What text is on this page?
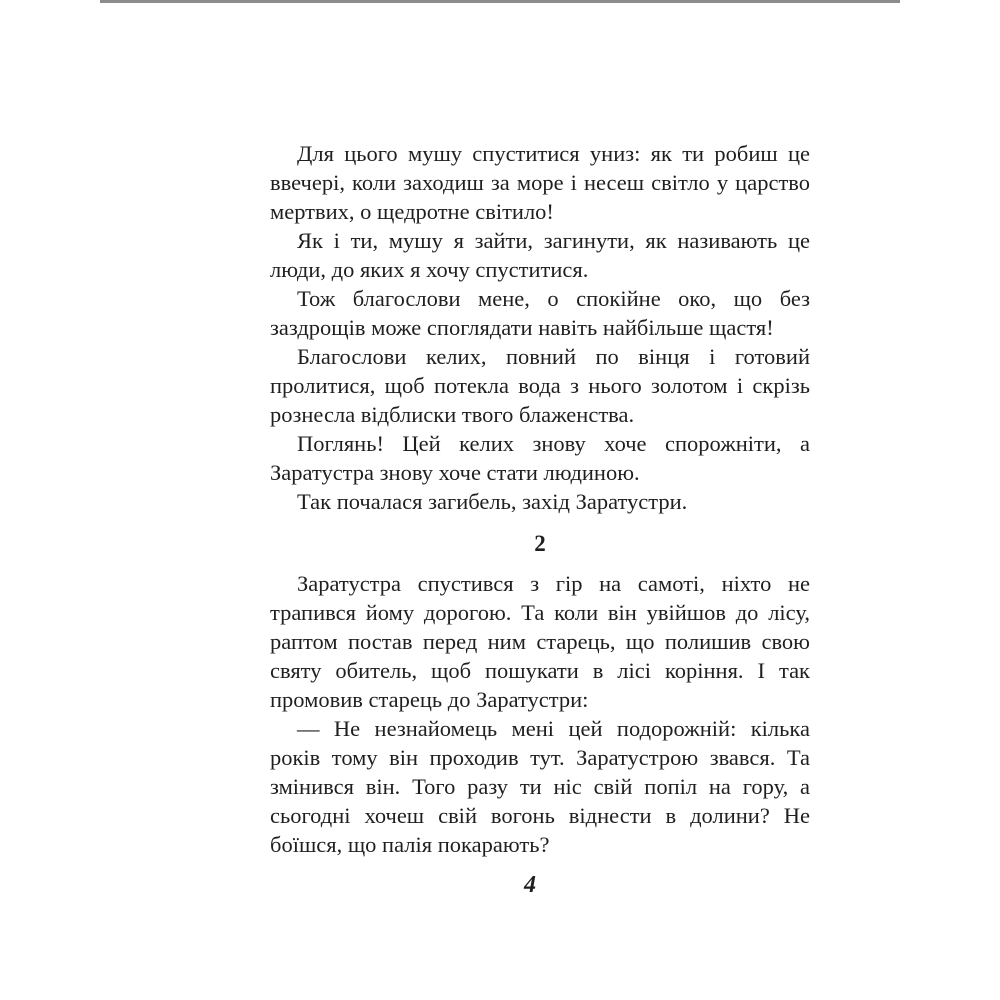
Для цього мушу спуститися униз: як ти робиш це ввечері, коли заходиш за море і несеш світло у царство мертвих, о щедротне світило!

Як і ти, мушу я зайти, загинути, як називають це люди, до яких я хочу спуститися.

Тож благослови мене, о спокійне око, що без заздрощів може споглядати навіть найбільше щастя!

Благослови келих, повний по вінця і готовий пролитися, щоб потекла вода з нього золотом і скрізь рознесла відблиски твого блаженства.

Поглянь! Цей келих знову хоче спорожніти, а Заратустра знову хоче стати людиною.

Так почалася загибель, захід Заратустри.

2

Заратустра спустився з гір на самоті, ніхто не трапився йому дорогою. Та коли він увійшов до лісу, раптом постав перед ним старець, що полишив свою святу обитель, щоб пошукати в лісі коріння. І так промовив старець до Заратустри:

— Не незнайомець мені цей подорожній: кілька років тому він проходив тут. Заратустрою звався. Та змінився він. Того разу ти ніс свій попіл на гору, а сьогодні хочеш свій вогонь віднести в долини? Не боїшся, що палія покарають?

4
